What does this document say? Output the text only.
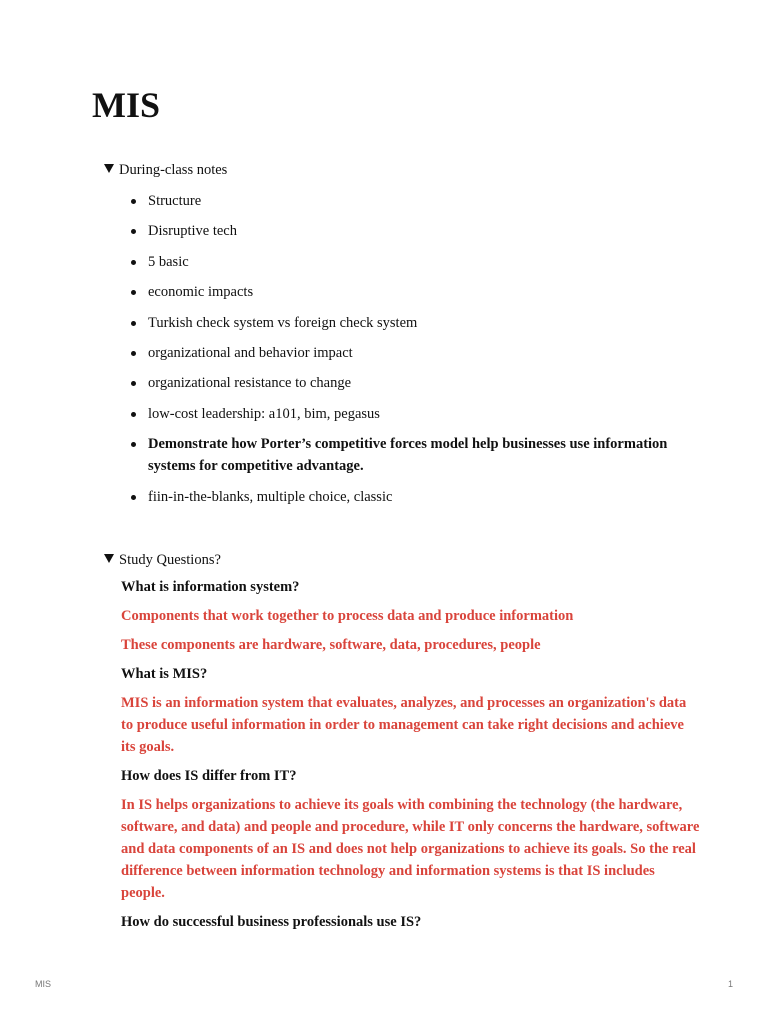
MIS
During-class notes
Structure
Disruptive tech
5 basic
economic impacts
Turkish check system vs foreign check system
organizational and behavior impact
organizational resistance to change
low-cost leadership: a101, bim, pegasus
Demonstrate how Porter’s competitive forces model help businesses use information systems for competitive advantage.
fiin-in-the-blanks, multiple choice, classic
Study Questions?

What is information system?

Components that work together to process data and produce information

These components are hardware, software, data, procedures, people

What is MIS?

MIS is an information system that evaluates, analyzes, and processes an organization's data to produce useful information in order to management can take right decisions and achieve its goals.

How does IS differ from IT?

In IS helps organizations to achieve its goals with combining the technology (the hardware, software, and data) and people and procedure, while IT only concerns the hardware, software and data components of an IS and does not help organizations to achieve its goals. So the real difference between information technology and information systems is that IS includes people.

How do successful business professionals use IS?

MIS	1
